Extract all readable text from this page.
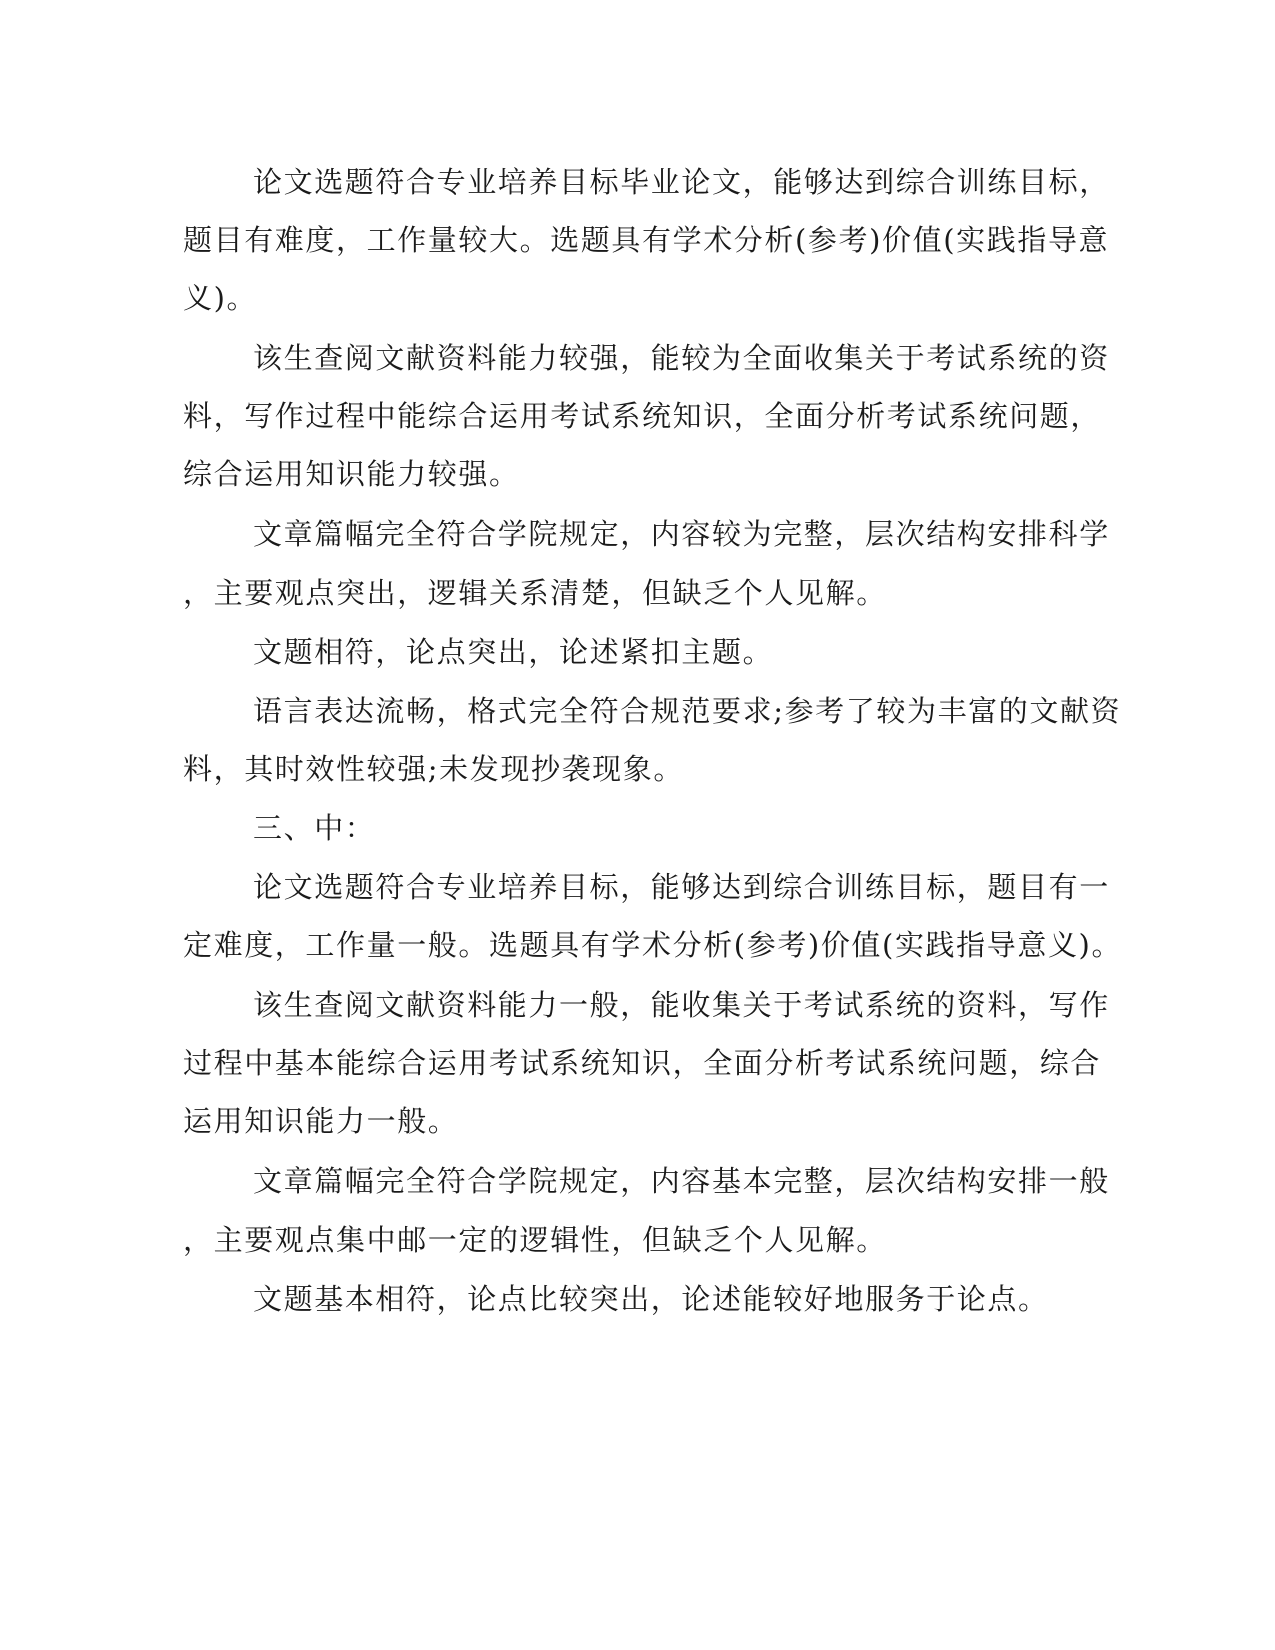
论文选题符合专业培养目标毕业论文，能够达到综合训练目标，
题目有难度，工作量较大。选题具有学术分析(参考)价值(实践指导意
义)。
该生查阅文献资料能力较强，能较为全面收集关于考试系统的资
料，写作过程中能综合运用考试系统知识，全面分析考试系统问题，
综合运用知识能力较强。
文章篇幅完全符合学院规定，内容较为完整，层次结构安排科学
，主要观点突出，逻辑关系清楚，但缺乏个人见解。
文题相符，论点突出，论述紧扣主题。
语言表达流畅，格式完全符合规范要求;参考了较为丰富的文献资
料，其时效性较强;未发现抄袭现象。
三、中：
论文选题符合专业培养目标，能够达到综合训练目标，题目有一
定难度，工作量一般。选题具有学术分析(参考)价值(实践指导意义)。
该生查阅文献资料能力一般，能收集关于考试系统的资料，写作
过程中基本能综合运用考试系统知识，全面分析考试系统问题，综合
运用知识能力一般。
文章篇幅完全符合学院规定，内容基本完整，层次结构安排一般
，主要观点集中邮一定的逻辑性，但缺乏个人见解。
文题基本相符，论点比较突出，论述能较好地服务于论点。
